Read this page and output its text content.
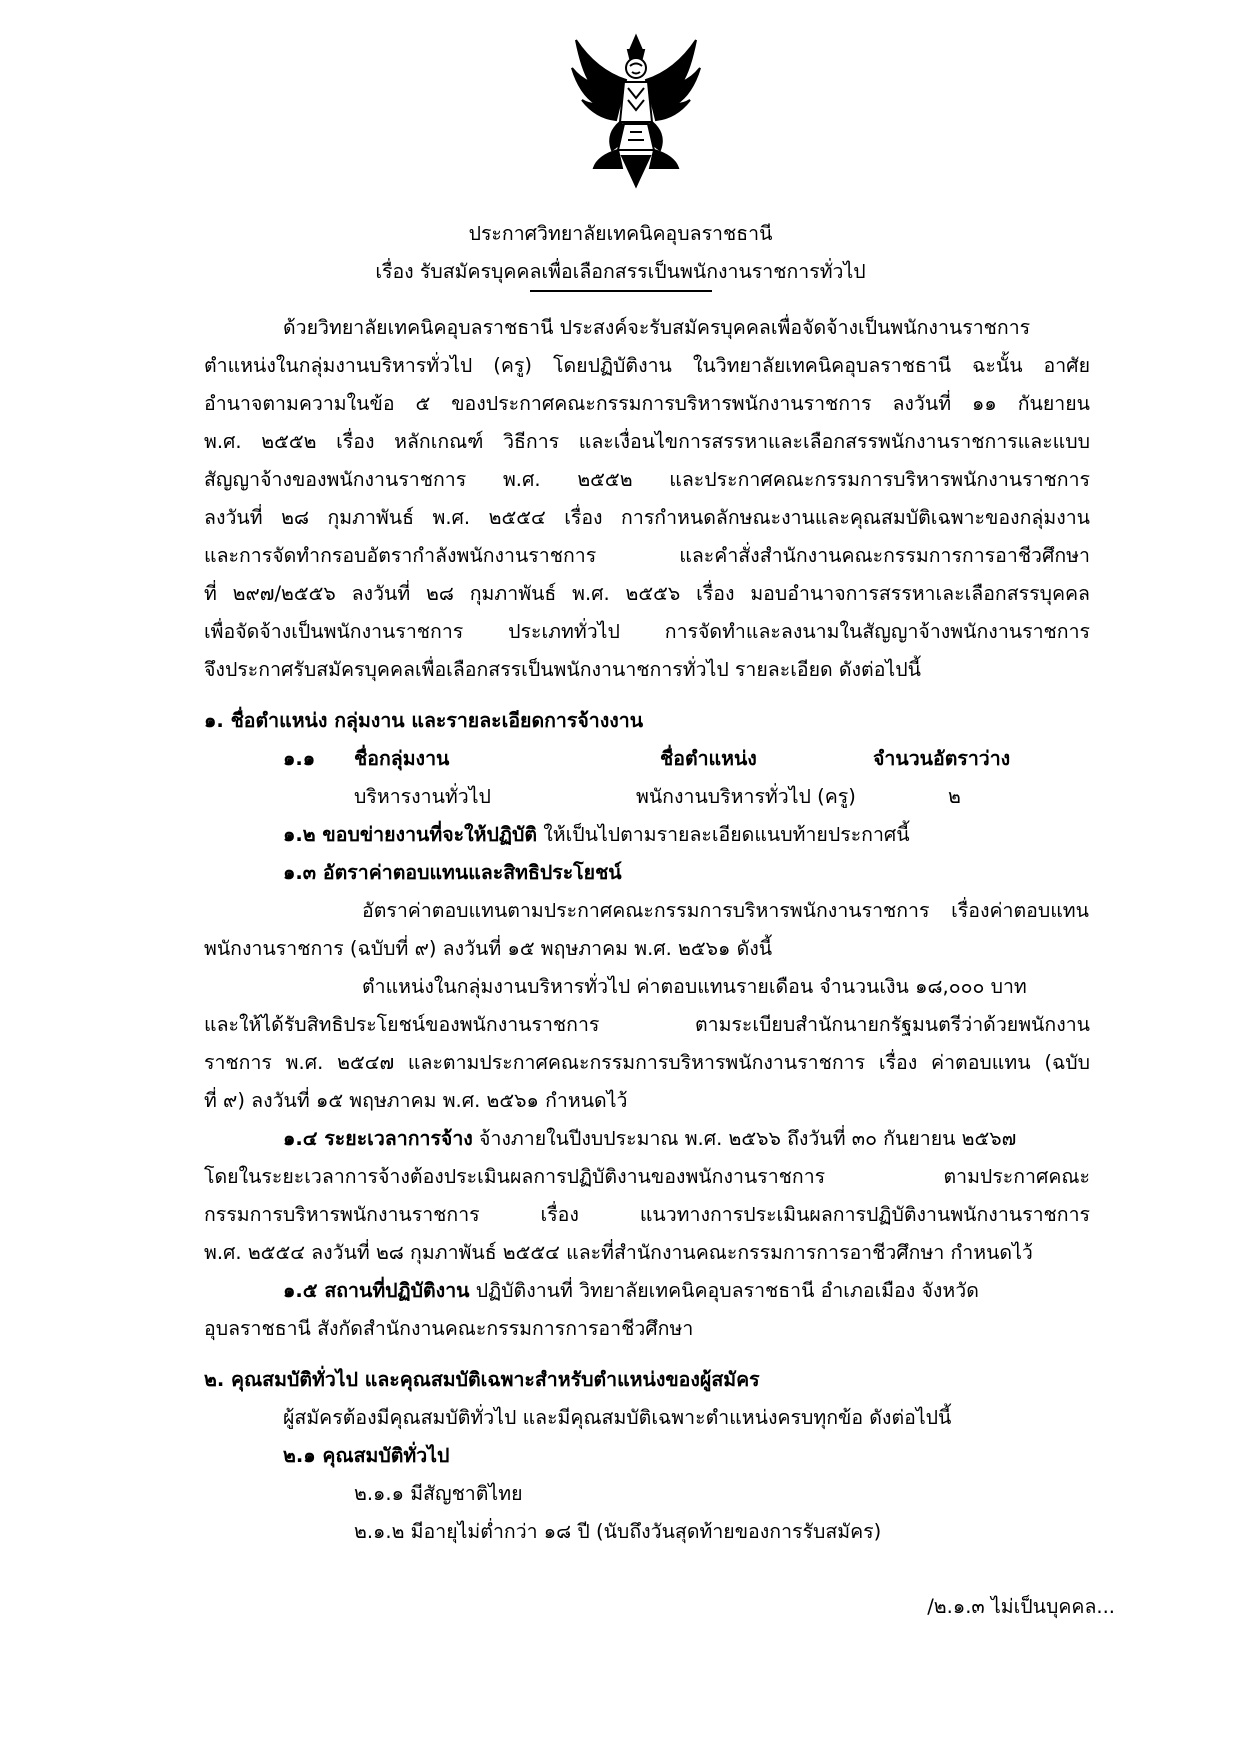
ประกาศวิทยาลัยเทคนิคอุบลราชธานี
เรื่อง รับสมัครบุคคลเพื่อเลือกสรรเป็นพนักงานราชการทั่วไป
ด้วยวิทยาลัยเทคนิคอุบลราชธานี ประสงค์จะรับสมัครบุคคลเพื่อจัดจ้างเป็นพนักงานราชการ
ตำแหน่งในกลุ่มงานบริหารทั่วไป (ครู) โดยปฏิบัติงาน ในวิทยาลัยเทคนิคอุบลราชธานี ฉะนั้น อาศัย
อำนาจตามความในข้อ ๕ ของประกาศคณะกรรมการบริหารพนักงานราชการ ลงวันที่ ๑๑ กันยายน
พ.ศ. ๒๕๕๒ เรื่อง หลักเกณฑ์ วิธีการ และเงื่อนไขการสรรหาและเลือกสรรพนักงานราชการและแบบ
สัญญาจ้างของพนักงานราชการ พ.ศ. ๒๕๕๒ และประกาศคณะกรรมการบริหารพนักงานราชการ
ลงวันที่ ๒๘ กุมภาพันธ์ พ.ศ. ๒๕๕๔ เรื่อง การกำหนดลักษณะงานและคุณสมบัติเฉพาะของกลุ่มงาน
และการจัดทำกรอบอัตรากำลังพนักงานราชการ และคำสั่งสำนักงานคณะกรรมการการอาชีวศึกษา
ที่ ๒๙๗/๒๕๕๖ ลงวันที่ ๒๘ กุมภาพันธ์ พ.ศ. ๒๕๕๖ เรื่อง มอบอำนาจการสรรหาเละเลือกสรรบุคคล
เพื่อจัดจ้างเป็นพนักงานราชการ ประเภททั่วไป การจัดทำและลงนามในสัญญาจ้างพนักงานราชการ
จึงประกาศรับสมัครบุคคลเพื่อเลือกสรรเป็นพนักงานาชการทั่วไป รายละเอียด ดังต่อไปนี้
๑. ชื่อตำแหน่ง กลุ่มงาน และรายละเอียดการจ้างงาน
๑.๑ ชื่อกลุ่มงาน	ชื่อตำแหน่ง	จำนวนอัตราว่าง
บริหารงานทั่วไป	พนักงานบริหารทั่วไป (ครู)	๒
๑.๒ ขอบข่ายงานที่จะให้ปฏิบัติ ให้เป็นไปตามรายละเอียดแนบท้ายประกาศนี้
๑.๓ อัตราค่าตอบแทนและสิทธิประโยชน์
อัตราค่าตอบแทนตามประกาศคณะกรรมการบริหารพนักงานราชการ เรื่องค่าตอบแทน
พนักงานราชการ (ฉบับที่ ๙) ลงวันที่ ๑๕ พฤษภาคม พ.ศ. ๒๕๖๑ ดังนี้
ตำแหน่งในกลุ่มงานบริหารทั่วไป ค่าตอบแทนรายเดือน จำนวนเงิน ๑๘,๐๐๐ บาท
และให้ได้รับสิทธิประโยชน์ของพนักงานราชการ ตามระเบียบสำนักนายกรัฐมนตรีว่าด้วยพนักงาน
ราชการ พ.ศ. ๒๕๔๗ และตามประกาศคณะกรรมการบริหารพนักงานราชการ เรื่อง ค่าตอบแทน (ฉบับ
ที่ ๙) ลงวันที่ ๑๕ พฤษภาคม พ.ศ. ๒๕๖๑ กำหนดไว้
๑.๔ ระยะเวลาการจ้าง จ้างภายในปีงบประมาณ พ.ศ. ๒๕๖๖ ถึงวันที่ ๓๐ กันยายน ๒๕๖๗
โดยในระยะเวลาการจ้างต้องประเมินผลการปฏิบัติงานของพนักงานราชการ ตามประกาศคณะ
กรรมการบริหารพนักงานราชการ เรื่อง แนวทางการประเมินผลการปฏิบัติงานพนักงานราชการ
พ.ศ. ๒๕๕๔ ลงวันที่ ๒๘ กุมภาพันธ์ ๒๕๕๔ และที่สำนักงานคณะกรรมการการอาชีวศึกษา กำหนดไว้
๑.๕ สถานที่ปฏิบัติงาน ปฏิบัติงานที่ วิทยาลัยเทคนิคอุบลราชธานี อำเภอเมือง จังหวัด
อุบลราชธานี สังกัดสำนักงานคณะกรรมการการอาชีวศึกษา
๒. คุณสมบัติทั่วไป และคุณสมบัติเฉพาะสำหรับตำแหน่งของผู้สมัคร
ผู้สมัครต้องมีคุณสมบัติทั่วไป และมีคุณสมบัติเฉพาะตำแหน่งครบทุกข้อ ดังต่อไปนี้
๒.๑ คุณสมบัติทั่วไป
๒.๑.๑ มีสัญชาติไทย
๒.๑.๒ มีอายุไม่ต่ำกว่า ๑๘ ปี (นับถึงวันสุดท้ายของการรับสมัคร)
/๒.๑.๓ ไม่เป็นบุคคล...
